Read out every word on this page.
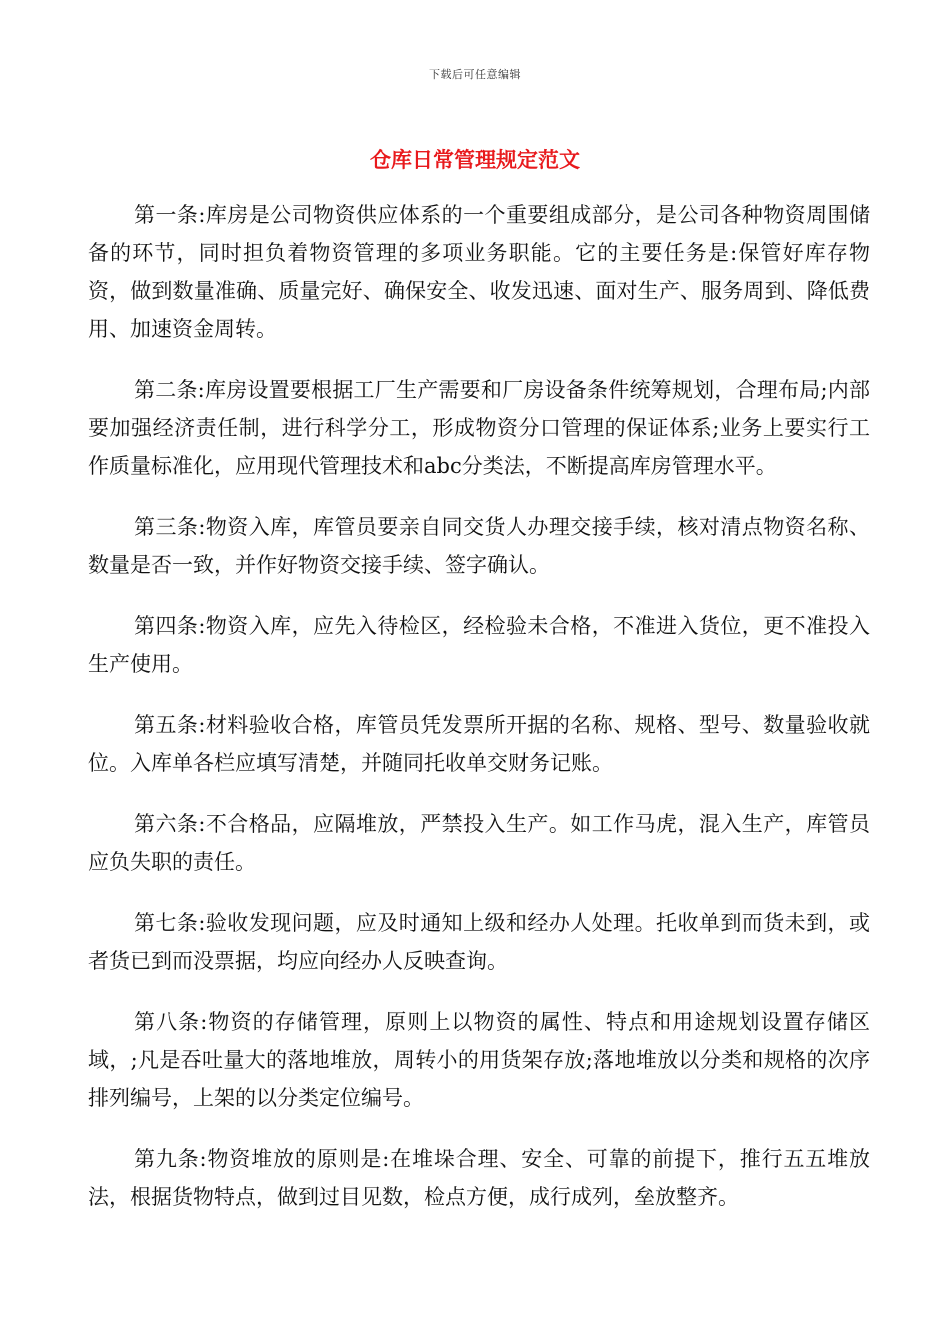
下载后可任意编辑
仓库日常管理规定范文

第一条:库房是公司物资供应体系的一个重要组成部分，是公司各种物资周围储备的环节，同时担负着物资管理的多项业务职能。它的主要任务是:保管好库存物资，做到数量准确、质量完好、确保安全、收发迅速、面对生产、服务周到、降低费用、加速资金周转。

第二条:库房设置要根据工厂生产需要和厂房设备条件统筹规划，合理布局;内部要加强经济责任制，进行科学分工，形成物资分口管理的保证体系;业务上要实行工作质量标准化，应用现代管理技术和abc分类法，不断提高库房管理水平。

第三条:物资入库，库管员要亲自同交货人办理交接手续，核对清点物资名称、数量是否一致，并作好物资交接手续、签字确认。

第四条:物资入库，应先入待检区，经检验未合格，不准进入货位，更不准投入生产使用。

第五条:材料验收合格，库管员凭发票所开据的名称、规格、型号、数量验收就位。入库单各栏应填写清楚，并随同托收单交财务记账。

第六条:不合格品，应隔堆放，严禁投入生产。如工作马虎，混入生产，库管员应负失职的责任。

第七条:验收发现问题，应及时通知上级和经办人处理。托收单到而货未到，或者货已到而没票据，均应向经办人反映查询。

第八条:物资的存储管理，原则上以物资的属性、特点和用途规划设置存储区域，;凡是吞吐量大的落地堆放，周转小的用货架存放;落地堆放以分类和规格的次序排列编号，上架的以分类定位编号。

第九条:物资堆放的原则是:在堆垛合理、安全、可靠的前提下，推行五五堆放法，根据货物特点，做到过目见数，检点方便，成行成列，垒放整齐。
